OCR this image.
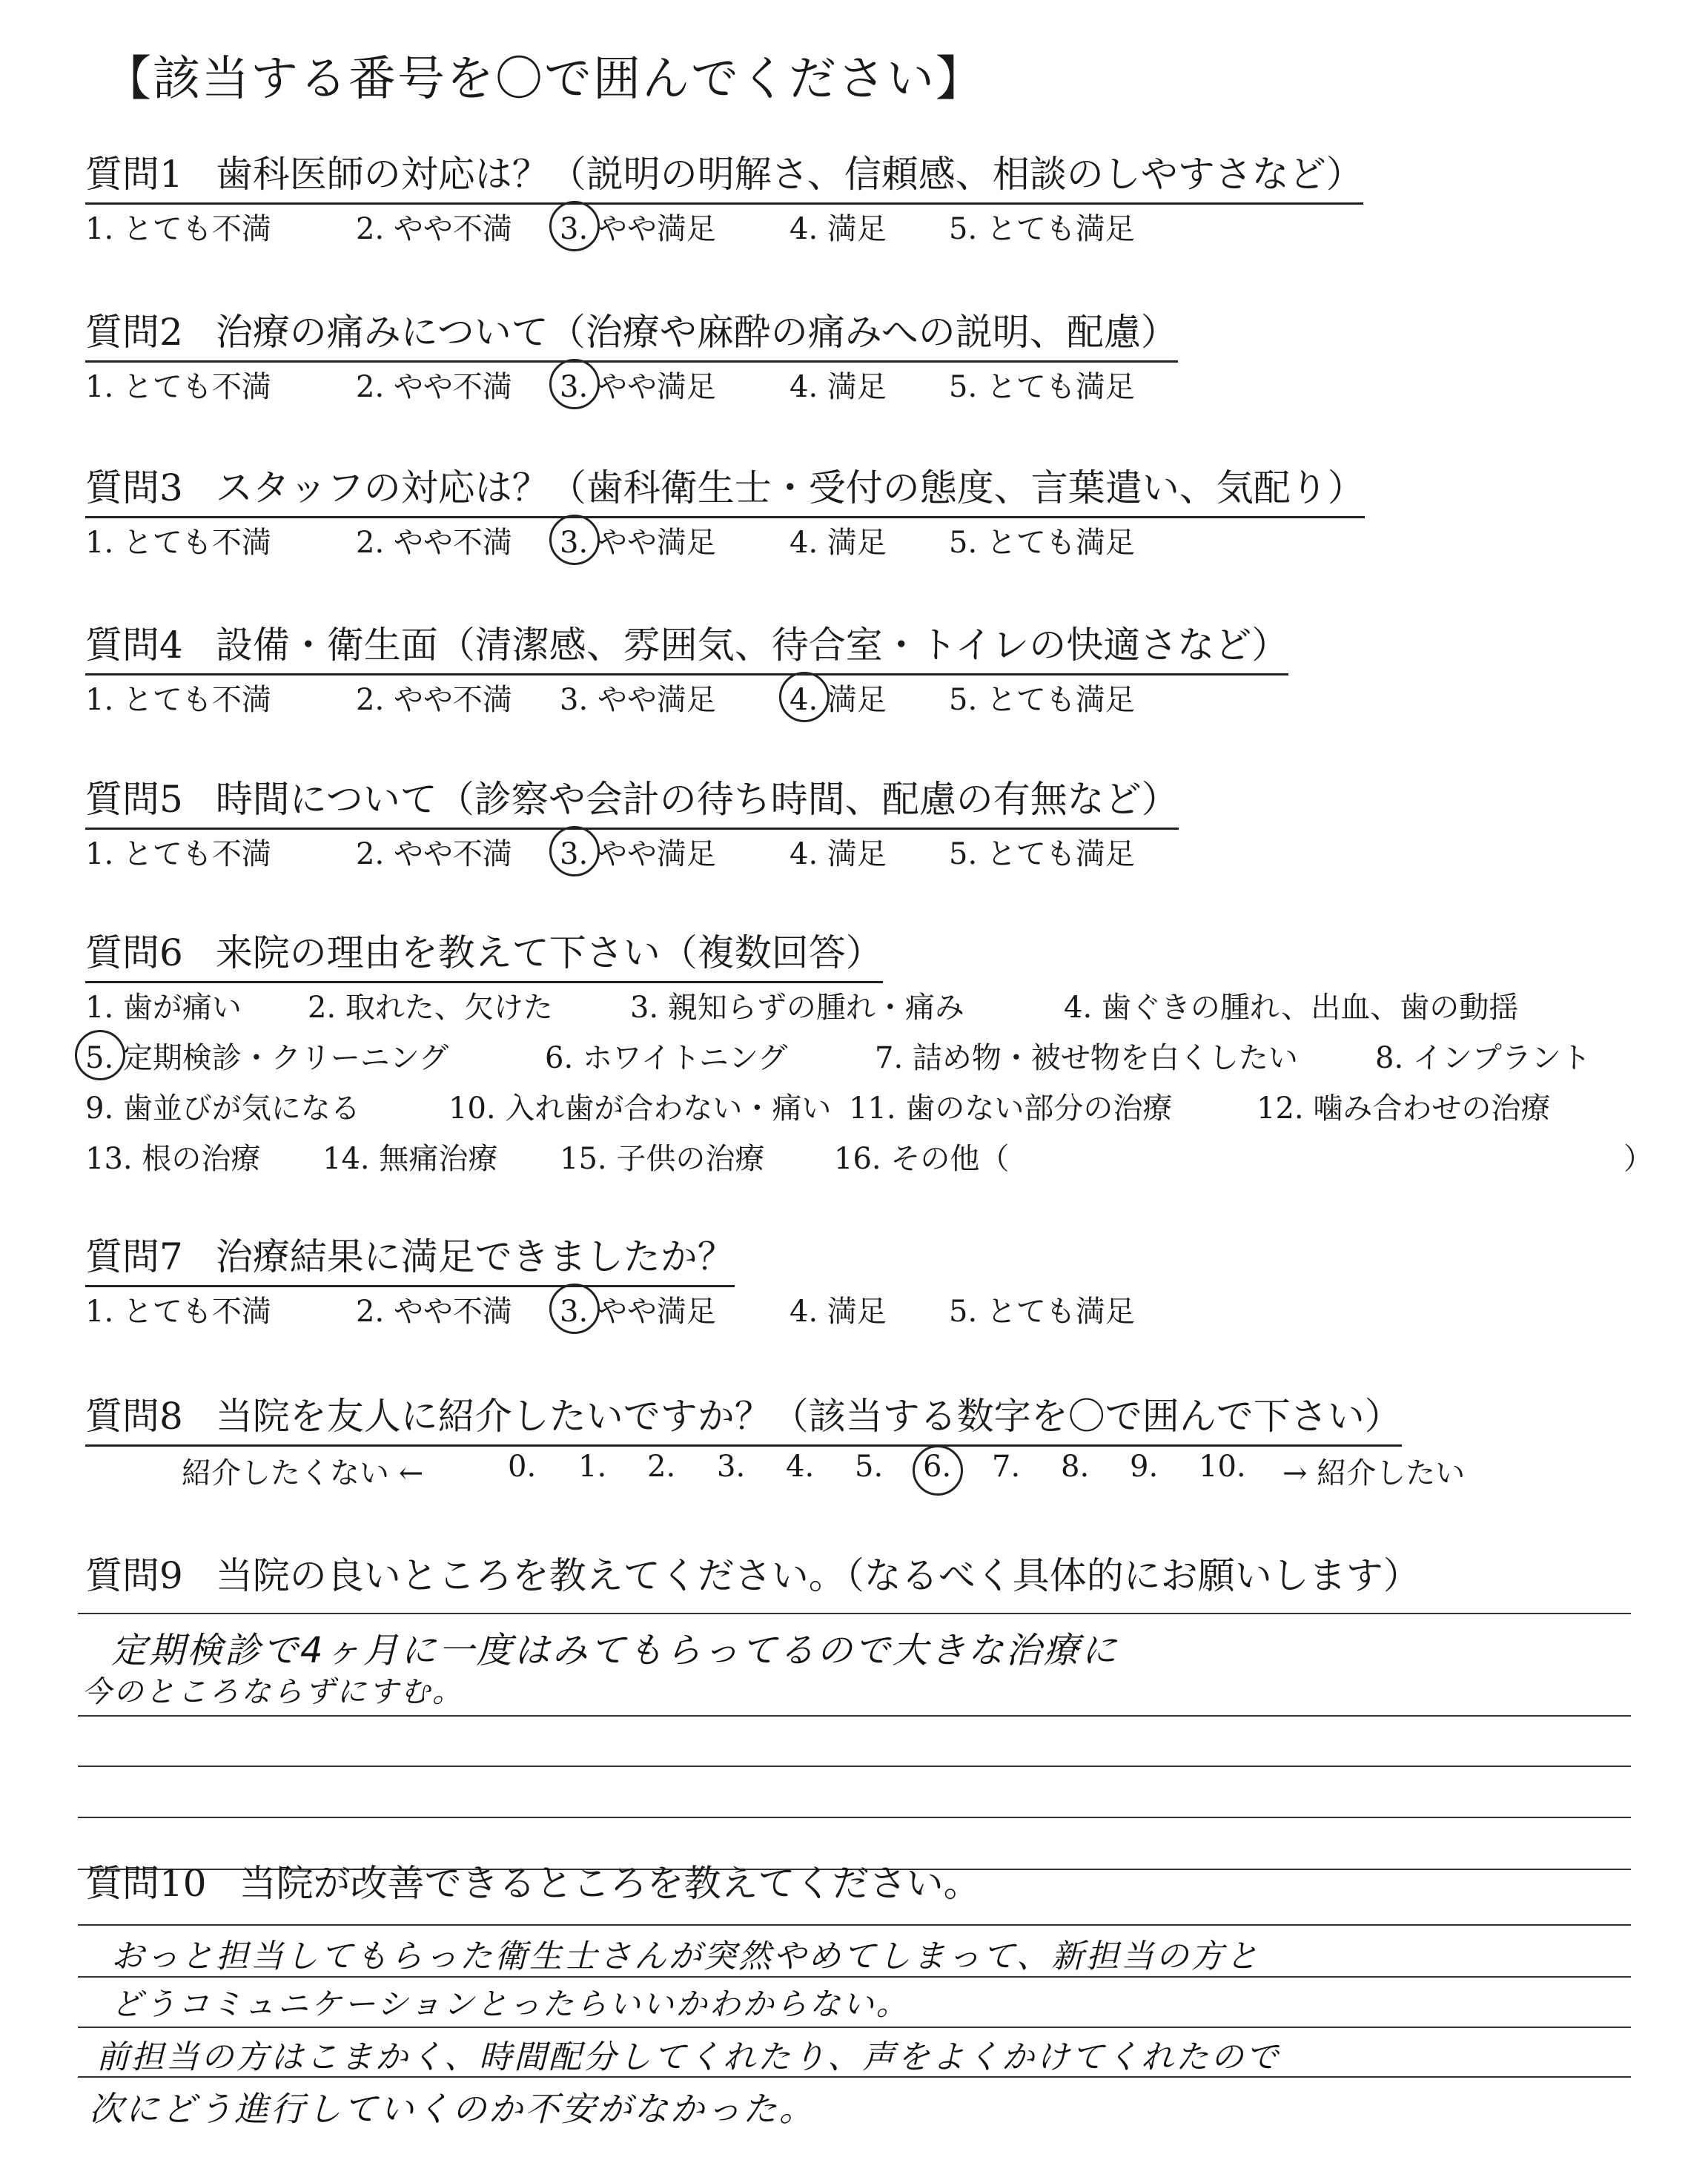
【該当する番号を〇で囲んでください】
質問1 歯科医師の対応は？（説明の明解さ、信頼感、相談のしやすさなど）
1. とても不満	2. やや不満 3. やや満足 4. 満足 5. とても満足
質問2 治療の痛みについて（治療や麻酔の痛みへの説明、配慮）
1. とても不満	2. やや不満 3. やや満足 4. 満足 5. とても満足
質問3 スタッフの対応は？（歯科衛生士・受付の態度、言葉遣い、気配り）
1. とても不満	2. やや不満 3. やや満足 4. 満足 5. とても満足
質問4 設備・衛生面（清潔感、雰囲気、待合室・トイレの快適さなど）
1. とても不満	2. やや不満 3. やや満足 4. 満足 5. とても満足
質問5 時間について（診察や会計の待ち時間、配慮の有無など）
1. とても不満	2. やや不満 3. やや満足 4. 満足 5. とても満足
質問6 来院の理由を教えて下さい（複数回答）
1. 歯が痛い 2. 取れた、欠けた	3. 親知らずの腫れ・痛み	4. 歯ぐきの腫れ、出血、歯の動揺
5. 定期検診・クリーニング	6. ホワイトニング	7. 詰め物・被せ物を白くしたい	8. インプラント
9. 歯並びが気になる	10. 入れ歯が合わない・痛い 11. 歯のない部分の治療	12. 噛み合わせの治療
13. 根の治療 14. 無痛治療 15. 子供の治療 16. その他（	）
質問7 治療結果に満足できましたか？
1. とても不満	2. やや不満 3. やや満足 4. 満足 5. とても満足
質問8 当院を友人に紹介したいですか？（該当する数字を〇で囲んで下さい）
紹介したくない ←	0. 1. 2. 3. 4. 5. 6. 7. 8. 9. 10. → 紹介したい
質問9 当院の良いところを教えてください。（なるべく具体的にお願いします）
定期検診で4ヶ月に一度はみてもらってるので大きな治療に
今のところならずにすむ。
質問10 当院が改善できるところを教えてください。
おっと担当してもらった衛生士さんが突然やめてしまって、新担当の方と
どうコミュニケーションとったらいいかわからない。
前担当の方はこまかく、時間配分してくれたり、声をよくかけてくれたので
次にどう進行していくのか不安がなかった。
